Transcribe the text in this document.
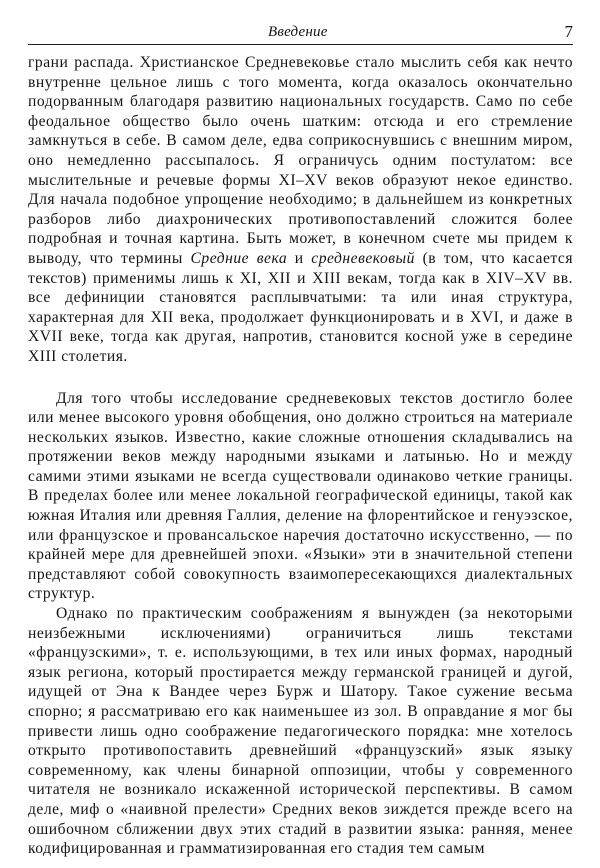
Введение	7

грани распада. Христианское Средневековье стало мыслить себя как нечто внутренне цельное лишь с того момента, когда оказалось окончательно подорванным благодаря развитию национальных государств. Само по себе феодальное общество было очень шатким: отсюда и его стремление замкнуться в себе. В самом деле, едва соприкоснувшись с внешним миром, оно немедленно рассыпалось. Я ограничусь одним постулатом: все мыслительные и речевые формы XI–XV веков образуют некое единство. Для начала подобное упрощение необходимо; в дальнейшем из конкретных разборов либо диахронических противопоставлений сложится более подробная и точная картина. Быть может, в конечном счете мы придем к выводу, что термины Средние века и средневековый (в том, что касается текстов) применимы лишь к XI, XII и XIII векам, тогда как в XIV–XV вв. все дефиниции становятся расплывчатыми: та или иная структура, характерная для XII века, продолжает функционировать и в XVI, и даже в XVII веке, тогда как другая, напротив, становится косной уже в середине XIII столетия.

Для того чтобы исследование средневековых текстов достигло более или менее высокого уровня обобщения, оно должно строиться на материале нескольких языков. Известно, какие сложные отношения складывались на протяжении веков между народными языками и латынью. Но и между самими этими языками не всегда существовали одинаково четкие границы. В пределах более или менее локальной географической единицы, такой как южная Италия или древняя Галлия, деление на флорентийское и генуэзское, или французское и провансальское наречия достаточно искусственно, — по крайней мере для древнейшей эпохи. «Языки» эти в значительной степени представляют собой совокупность взаимопересекающихся диалектальных структур.

Однако по практическим соображениям я вынужден (за некоторыми неизбежными исключениями) ограничиться лишь текстами «французскими», т. е. использующими, в тех или иных формах, народный язык региона, который простирается между германской границей и дугой, идущей от Эна к Вандее через Бурж и Шатору. Такое сужение весьма спорно; я рассматриваю его как наименьшее из зол. В оправдание я мог бы привести лишь одно соображение педагогического порядка: мне хотелось открыто противопоставить древнейший «французский» язык языку современному, как члены бинарной оппозиции, чтобы у современного читателя не возникало искаженной исторической перспективы. В самом деле, миф о «наивной прелести» Средних веков зиждется прежде всего на ошибочном сближении двух этих стадий в развитии языка: ранняя, менее кодифицированная и грамматизированная его стадия тем самым
